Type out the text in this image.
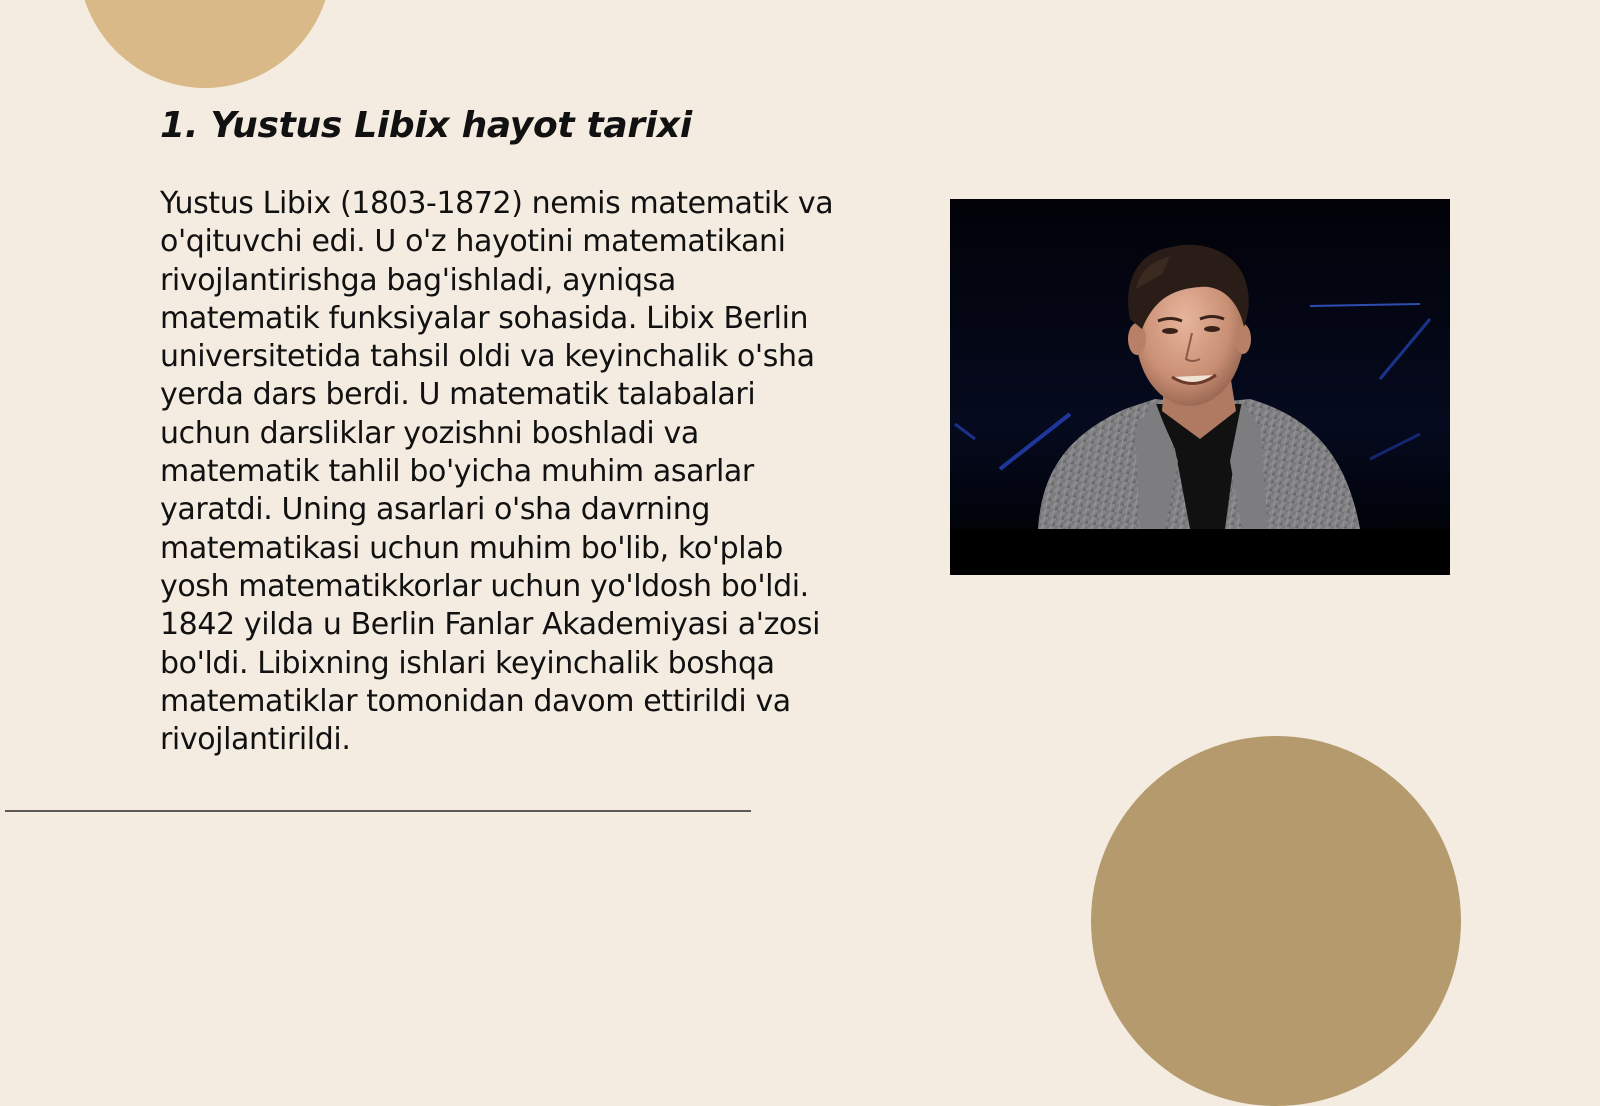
1. Yustus Libix hayot tarixi

Yustus Libix (1803-1872) nemis matematik va
o'qituvchi edi. U o'z hayotini matematikani
rivojlantirishga bag'ishladi, ayniqsa
matematik funksiyalar sohasida. Libix Berlin
universitetida tahsil oldi va keyinchalik o'sha
yerda dars berdi. U matematik talabalari
uchun darsliklar yozishni boshladi va
matematik tahlil bo'yicha muhim asarlar
yaratdi. Uning asarlari o'sha davrning
matematikasi uchun muhim bo'lib, ko'plab
yosh matematikkorlar uchun yo'ldosh bo'ldi.
1842 yilda u Berlin Fanlar Akademiyasi a'zosi
bo'ldi. Libixning ishlari keyinchalik boshqa
matematiklar tomonidan davom ettirildi va
rivojlantirildi.
